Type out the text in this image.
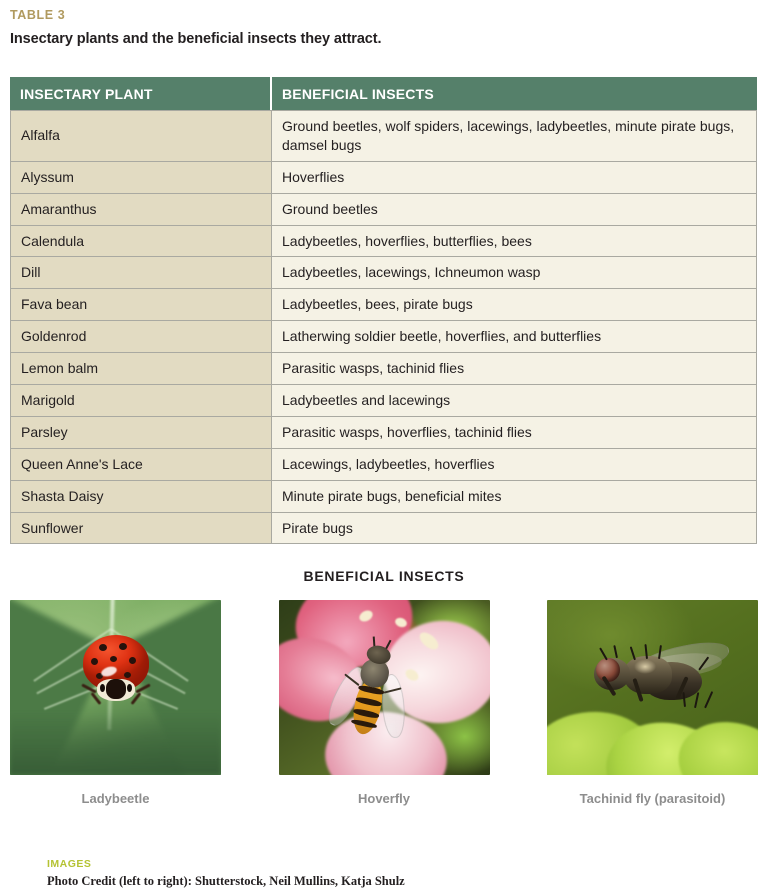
TABLE 3
Insectary plants and the beneficial insects they attract.
INSECTARY PLANT	BENEFICIAL INSECTS

Alfalfa	Ground beetles, wolf spiders, lacewings, ladybeetles, minute pirate bugs, damsel bugs
Alyssum	Hoverflies
Amaranthus	Ground beetles
Calendula	Ladybeetles, hoverflies, butterflies, bees
Dill	Ladybeetles, lacewings, Ichneumon wasp
Fava bean	Ladybeetles, bees, pirate bugs
Goldenrod	Latherwing soldier beetle, hoverflies, and butterflies
Lemon balm	Parasitic wasps, tachinid flies
Marigold	Ladybeetles and lacewings
Parsley	Parasitic wasps, hoverflies, tachinid flies
Queen Anne's Lace	Lacewings, ladybeetles, hoverflies
Shasta Daisy	Minute pirate bugs, beneficial mites
Sunflower	Pirate bugs
BENEFICIAL INSECTS
Ladybeetle	Hoverfly	Tachinid fly (parasitoid)
IMAGES
Photo Credit (left to right): Shutterstock, Neil Mullins, Katja Shulz
